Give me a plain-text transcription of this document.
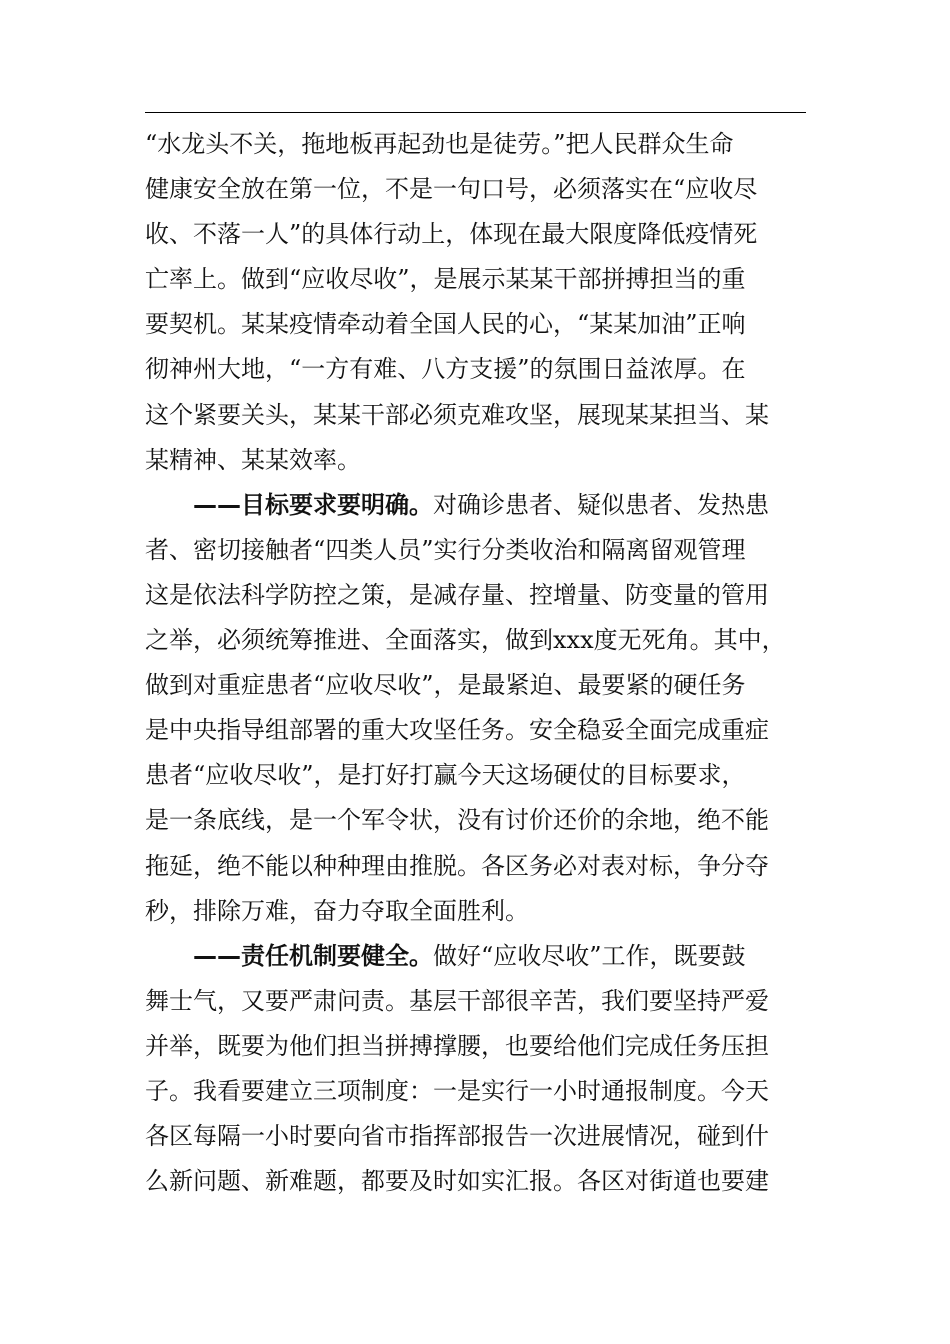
“水龙头不关，拖地板再起劲也是徒劳。”把人民群众生命
健康安全放在第一位，不是一句口号，必须落实在“应收尽
收、不落一人”的具体行动上，体现在最大限度降低疫情死
亡率上。做到“应收尽收”，是展示某某干部拼搏担当的重
要契机。某某疫情牵动着全国人民的心，“某某加油”正响
彻神州大地，“一方有难、八方支援”的氛围日益浓厚。在
这个紧要关头，某某干部必须克难攻坚，展现某某担当、某
某精神、某某效率。

——目标要求要明确。对确诊患者、疑似患者、发热患
者、密切接触者“四类人员”实行分类收治和隔离留观管理
这是依法科学防控之策，是减存量、控增量、防变量的管用
之举，必须统筹推进、全面落实，做到xxx度无死角。其中，
做到对重症患者“应收尽收”，是最紧迫、最要紧的硬任务
是中央指导组部署的重大攻坚任务。安全稳妥全面完成重症
患者“应收尽收”，是打好打赢今天这场硬仗的目标要求，
是一条底线，是一个军令状，没有讨价还价的余地，绝不能
拖延，绝不能以种种理由推脱。各区务必对表对标，争分夺
秒，排除万难，奋力夺取全面胜利。

——责任机制要健全。做好“应收尽收”工作，既要鼓
舞士气，又要严肃问责。基层干部很辛苦，我们要坚持严爱
并举，既要为他们担当拼搏撑腰，也要给他们完成任务压担
子。我看要建立三项制度：一是实行一小时通报制度。今天
各区每隔一小时要向省市指挥部报告一次进展情况，碰到什
么新问题、新难题，都要及时如实汇报。各区对街道也要建
